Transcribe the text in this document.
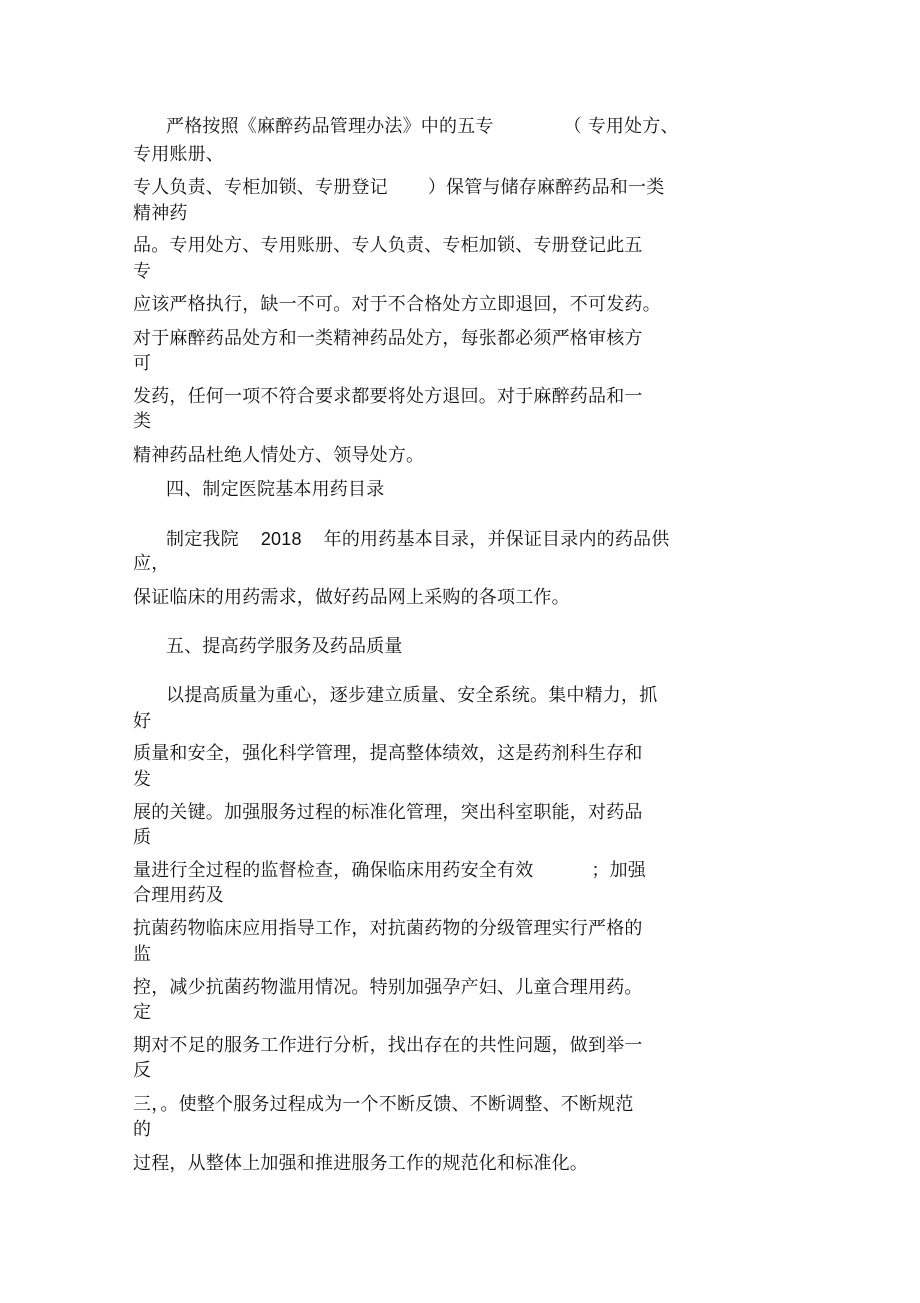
严格按照《麻醉药品管理办法》中的五专	（ 专用处方、

专用账册、

专人负责、专柜加锁、专册登记 ）保管与储存麻醉药品和一类

精神药

品。专用处方、专用账册、专人负责、专柜加锁、专册登记此五

专

应该严格执行，缺一不可。对于不合格处方立即退回，不可发药。

对于麻醉药品处方和一类精神药品处方，每张都必须严格审核方

可

发药，任何一项不符合要求都要将处方退回。对于麻醉药品和一

类

精神药品杜绝人情处方、领导处方。

四、制定医院基本用药目录

制定我院 2018 年的用药基本目录，并保证目录内的药品供

应，

保证临床的用药需求，做好药品网上采购的各项工作。

五、提高药学服务及药品质量

以提高质量为重心，逐步建立质量、安全系统。集中精力，抓

好

质量和安全，强化科学管理，提高整体绩效，这是药剂科生存和

发

展的关键。加强服务过程的标准化管理，突出科室职能，对药品

质

量进行全过程的监督检查，确保临床用药安全有效	；加强

合理用药及

抗菌药物临床应用指导工作，对抗菌药物的分级管理实行严格的

监

控，减少抗菌药物滥用情况。特别加强孕产妇、儿童合理用药。

定

期对不足的服务工作进行分析，找出存在的共性问题，做到举一

反

三，。使整个服务过程成为一个不断反馈、不断调整、不断规范

的

过程，从整体上加强和推进服务工作的规范化和标准化。
